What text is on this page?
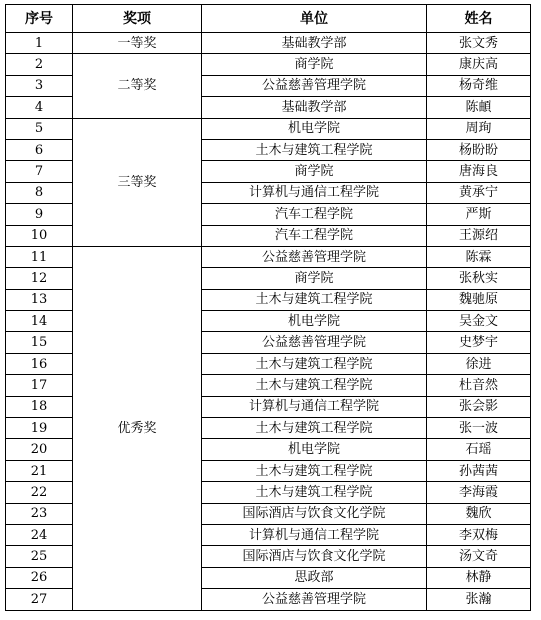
序号	奖项	单位	姓名
1	一等奖	基础教学部	张文秀
2	二等奖	商学院	康庆高
3		公益慈善管理学院	杨奇维
4		基础教学部	陈頔
5	三等奖	机电学院	周珣
6		土木与建筑工程学院	杨盼盼
7		商学院	唐海良
8		计算机与通信工程学院	黄承宁
9		汽车工程学院	严斯
10		汽车工程学院	王源绍
11	优秀奖	公益慈善管理学院	陈霖
12		商学院	张秋实
13		土木与建筑工程学院	魏驰原
14		机电学院	吴金文
15		公益慈善管理学院	史梦宇
16		土木与建筑工程学院	徐进
17		土木与建筑工程学院	杜音然
18		计算机与通信工程学院	张会影
19		土木与建筑工程学院	张一波
20		机电学院	石瑶
21		土木与建筑工程学院	孙茜茜
22		土木与建筑工程学院	李海霞
23		国际酒店与饮食文化学院	魏欣
24		计算机与通信工程学院	李双梅
25		国际酒店与饮食文化学院	汤文奇
26		思政部	林静
27		公益慈善管理学院	张瀚
